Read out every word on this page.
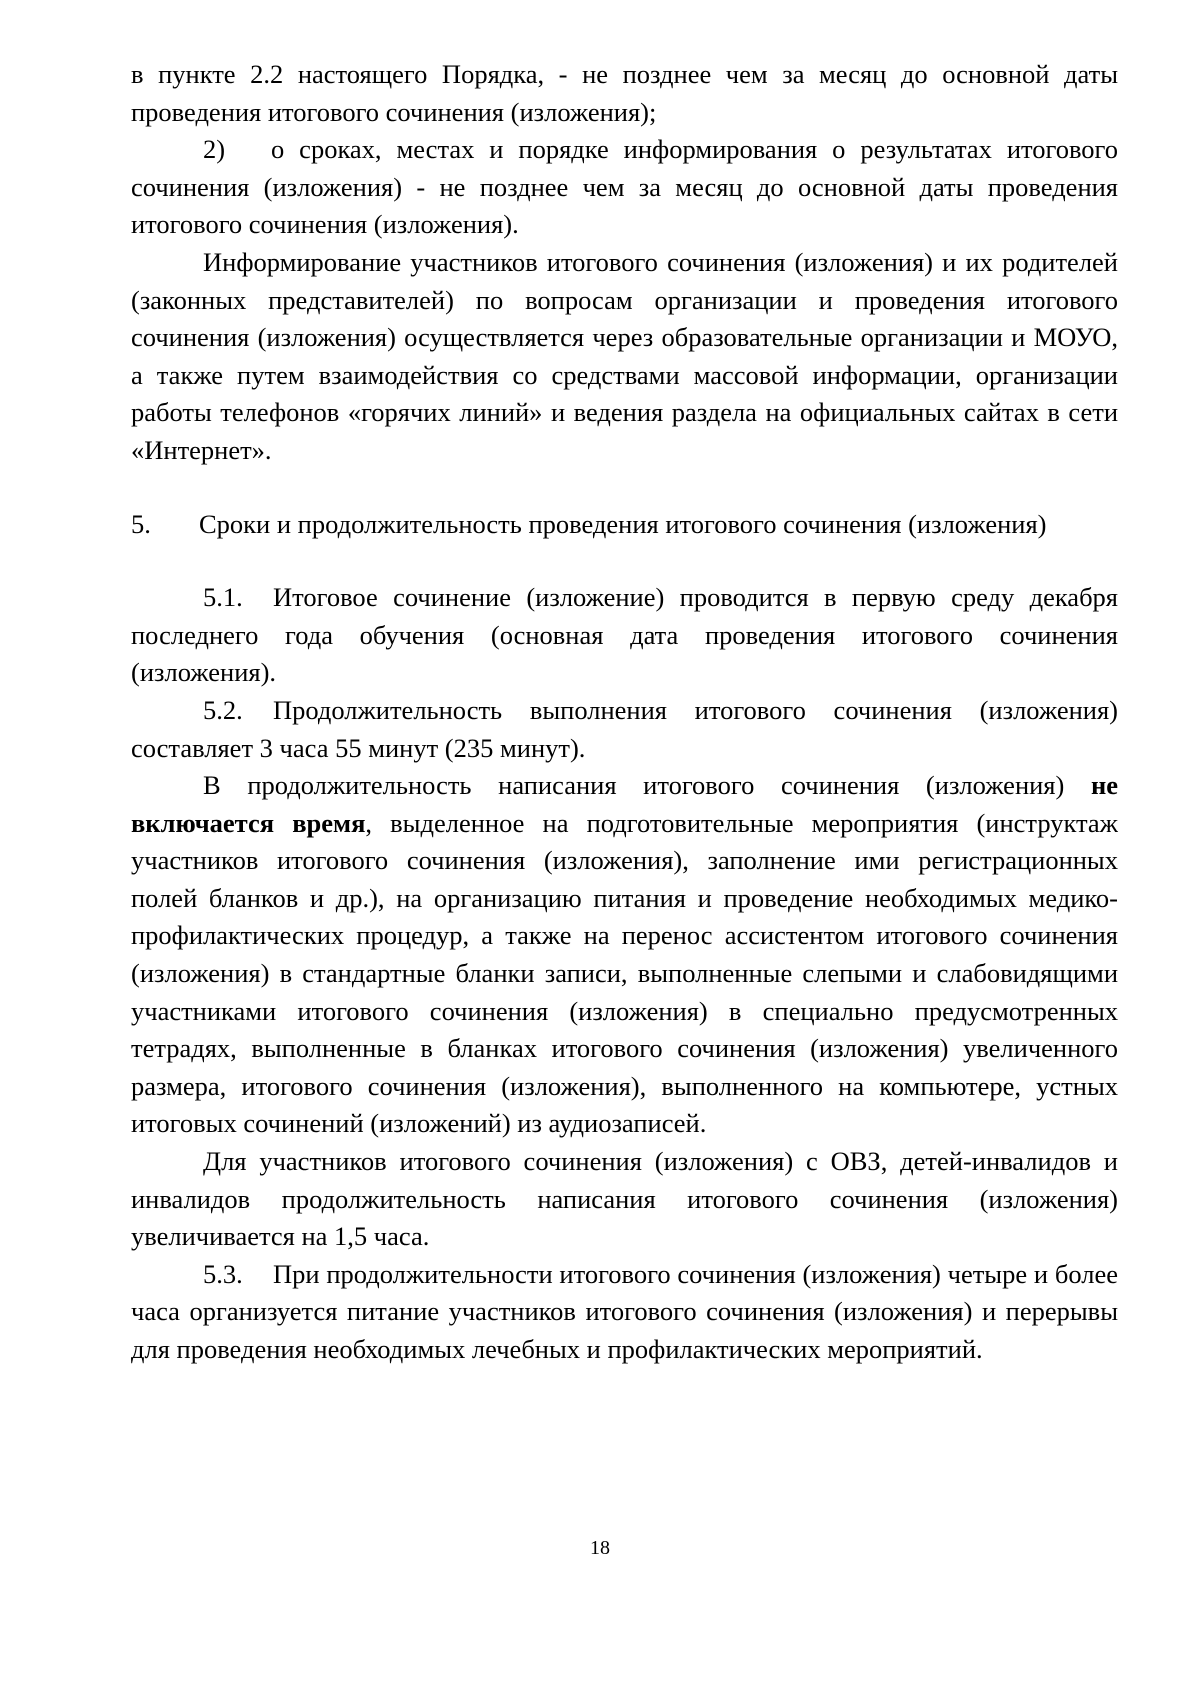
в пункте 2.2 настоящего Порядка, - не позднее чем за месяц до основной даты проведения итогового сочинения (изложения);

2) о сроках, местах и порядке информирования о результатах итогового сочинения (изложения) - не позднее чем за месяц до основной даты проведения итогового сочинения (изложения).

Информирование участников итогового сочинения (изложения) и их родителей (законных представителей) по вопросам организации и проведения итогового сочинения (изложения) осуществляется через образовательные организации и МОУО, а также путем взаимодействия со средствами массовой информации, организации работы телефонов «горячих линий» и ведения раздела на официальных сайтах в сети «Интернет».

5. Сроки и продолжительность проведения итогового сочинения (изложения)

5.1. Итоговое сочинение (изложение) проводится в первую среду декабря последнего года обучения (основная дата проведения итогового сочинения (изложения).

5.2. Продолжительность выполнения итогового сочинения (изложения) составляет 3 часа 55 минут (235 минут).

В продолжительность написания итогового сочинения (изложения) не включается время, выделенное на подготовительные мероприятия (инструктаж участников итогового сочинения (изложения), заполнение ими регистрационных полей бланков и др.), на организацию питания и проведение необходимых медико-профилактических процедур, а также на перенос ассистентом итогового сочинения (изложения) в стандартные бланки записи, выполненные слепыми и слабовидящими участниками итогового сочинения (изложения) в специально предусмотренных тетрадях, выполненные в бланках итогового сочинения (изложения) увеличенного размера, итогового сочинения (изложения), выполненного на компьютере, устных итоговых сочинений (изложений) из аудиозаписей.

Для участников итогового сочинения (изложения) с ОВЗ, детей-инвалидов и инвалидов продолжительность написания итогового сочинения (изложения) увеличивается на 1,5 часа.

5.3. При продолжительности итогового сочинения (изложения) четыре и более часа организуется питание участников итогового сочинения (изложения) и перерывы для проведения необходимых лечебных и профилактических мероприятий.

18
